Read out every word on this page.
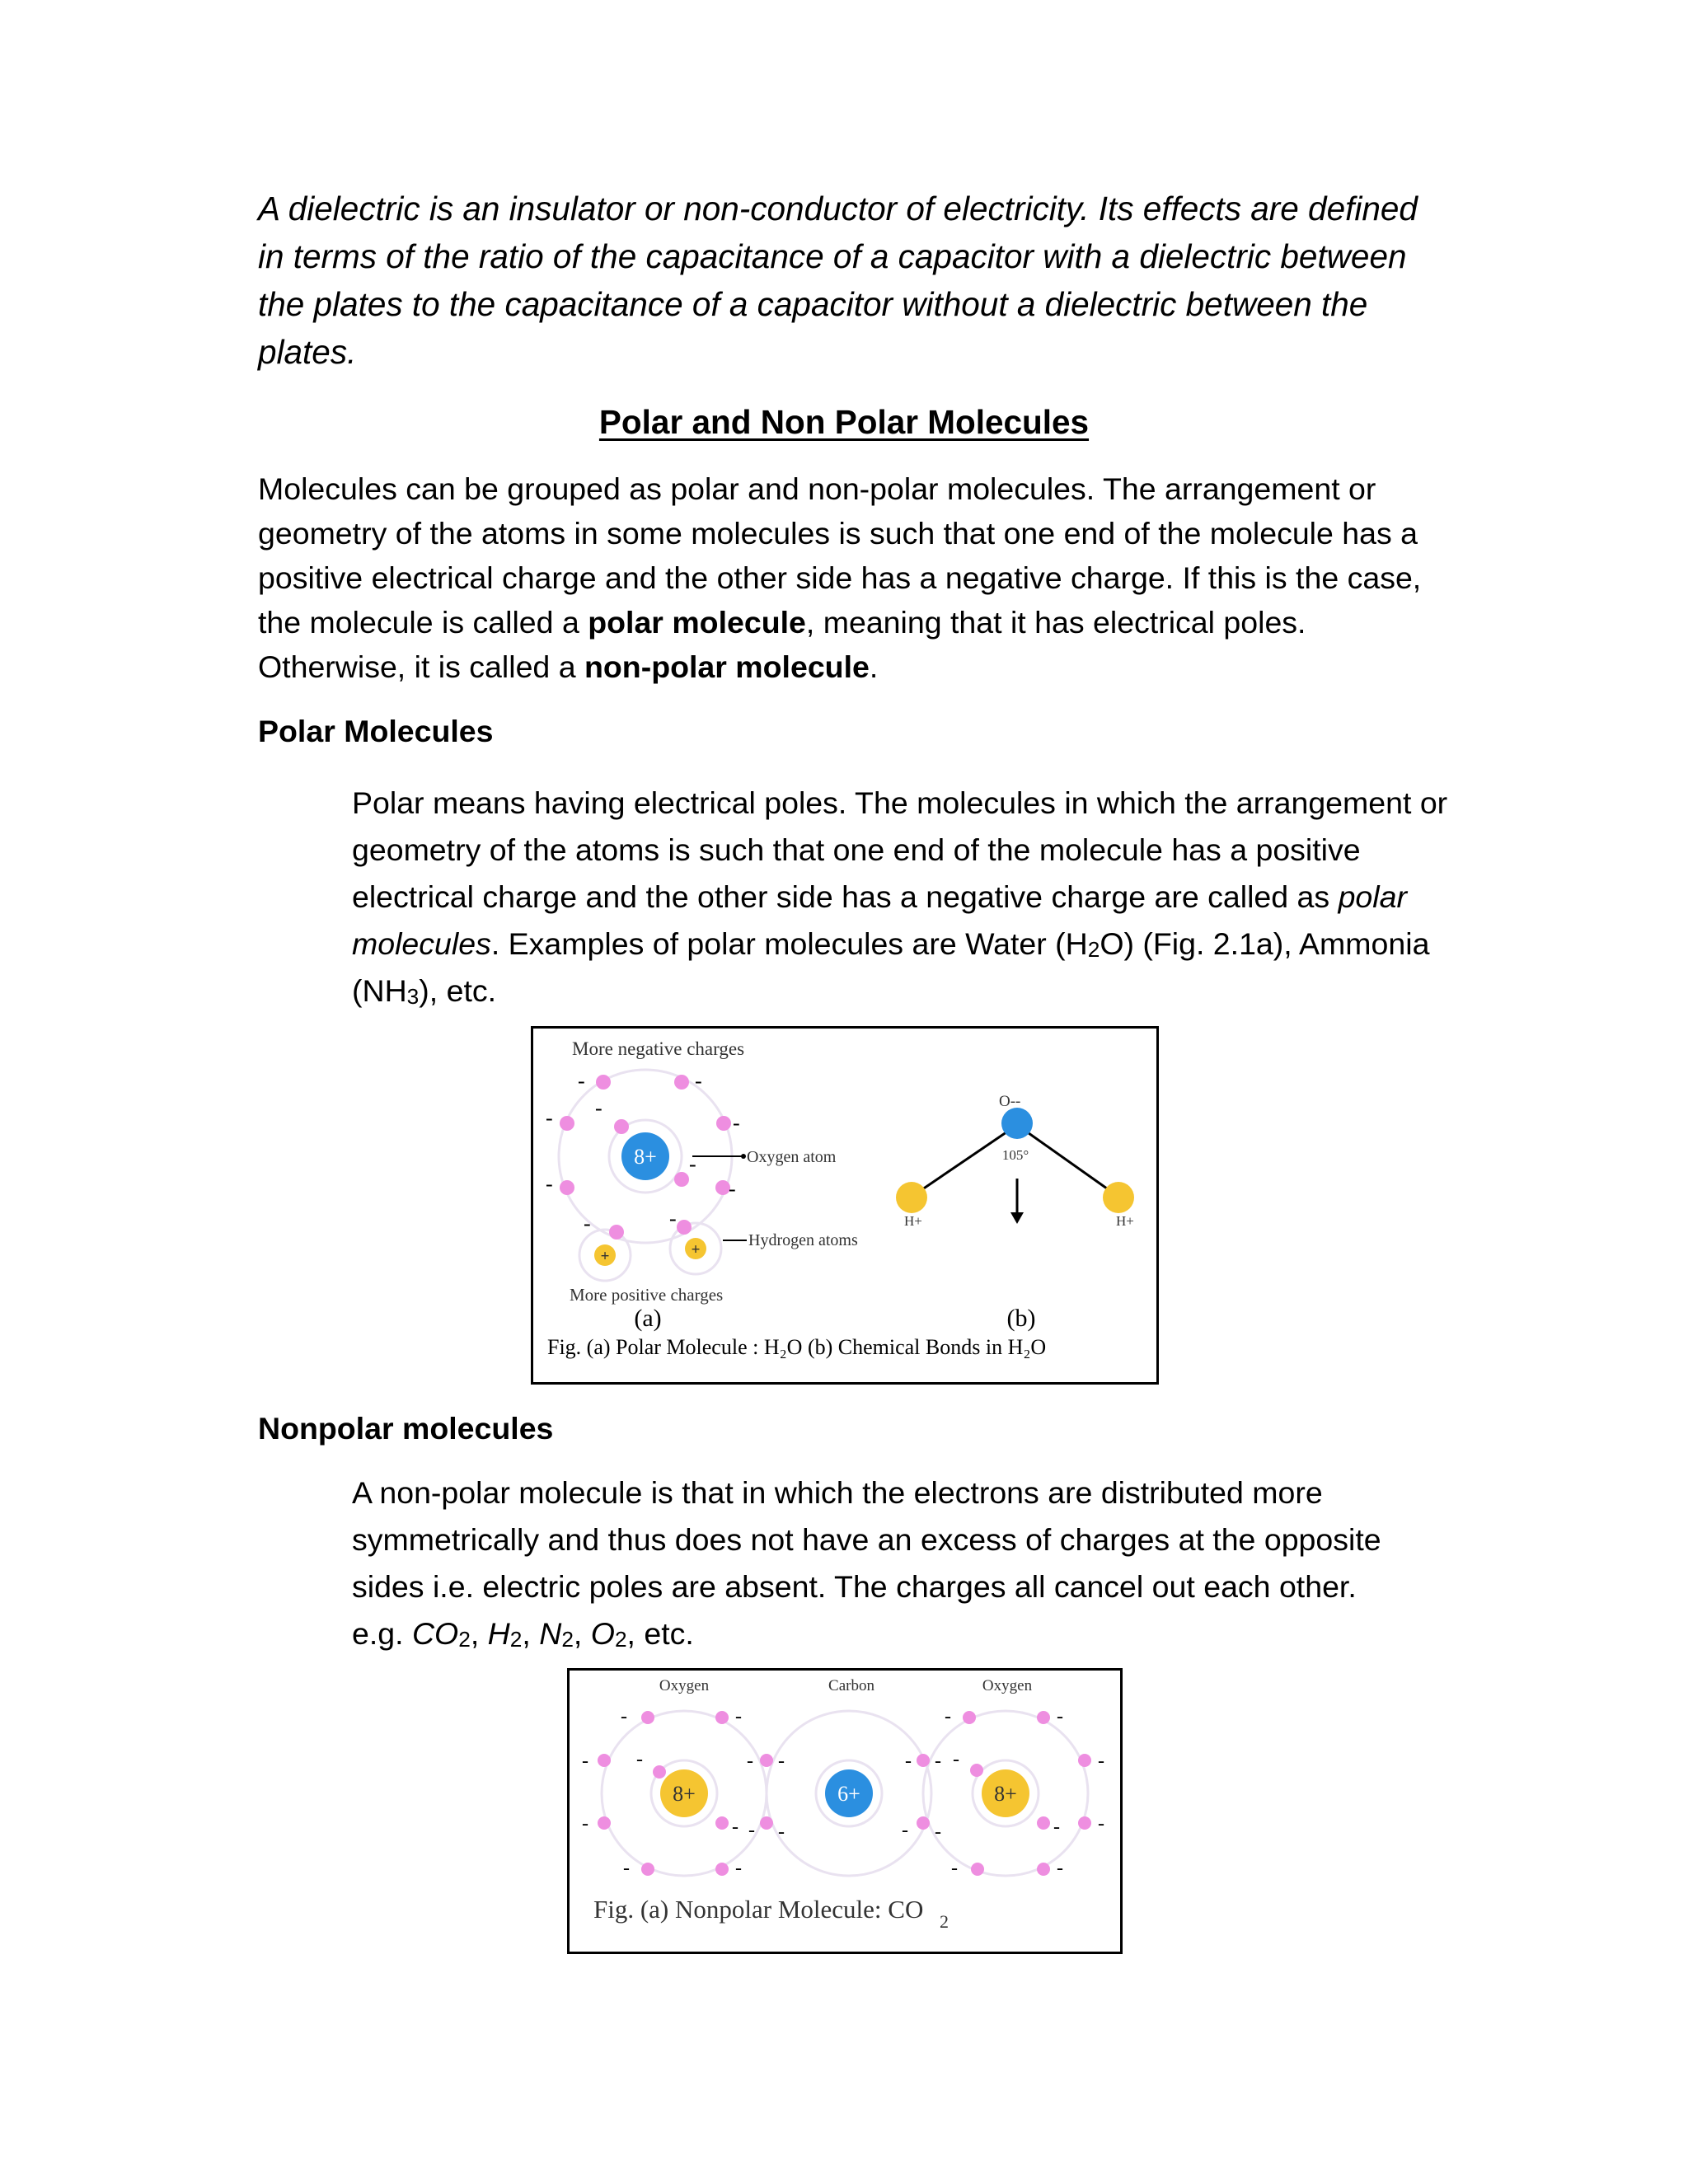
A dielectric is an insulator or non-conductor of electricity. Its effects are defined in terms of the ratio of the capacitance of a capacitor with a dielectric between the plates to the capacitance of a capacitor without a dielectric between the plates.
Polar and Non Polar Molecules
Molecules can be grouped as polar and non-polar molecules. The arrangement or geometry of the atoms in some molecules is such that one end of the molecule has a positive electrical charge and the other side has a negative charge. If this is the case, the molecule is called a polar molecule, meaning that it has electrical poles. Otherwise, it is called a non-polar molecule.
Polar Molecules
Polar means having electrical poles. The molecules in which the arrangement or geometry of the atoms is such that one end of the molecule has a positive electrical charge and the other side has a negative charge are called as polar molecules. Examples of polar molecules are Water $(H_2O)$ (Fig. 2.1a), Ammonia $(NH_3)$, etc.
More negative charges
8+
+	+
-	-
-	-
-	-
-
-
-	-
Oxygen atom
Hydrogen atoms
More positive charges
(a)	(b)
Fig. (a) Polar Molecule : H₂O (b) Chemical Bonds in H₂O
O--
105°
H+	H+
Nonpolar molecules
A non-polar molecule is that in which the electrons are distributed more symmetrically and thus does not have an excess of charges at the opposite sides i.e. electric poles are absent. The charges all cancel out each other.
e.g. $CO_2$, $H_2$, $N_2$, $O_2$, etc.
Oxygen	Carbon	Oxygen
8+	6+	8+
-	-
-
-
-	-
-
-
- -
- -
- -
- -
-	-
-
-
-	-
-
-
Fig. (a) Nonpolar Molecule: CO 2
